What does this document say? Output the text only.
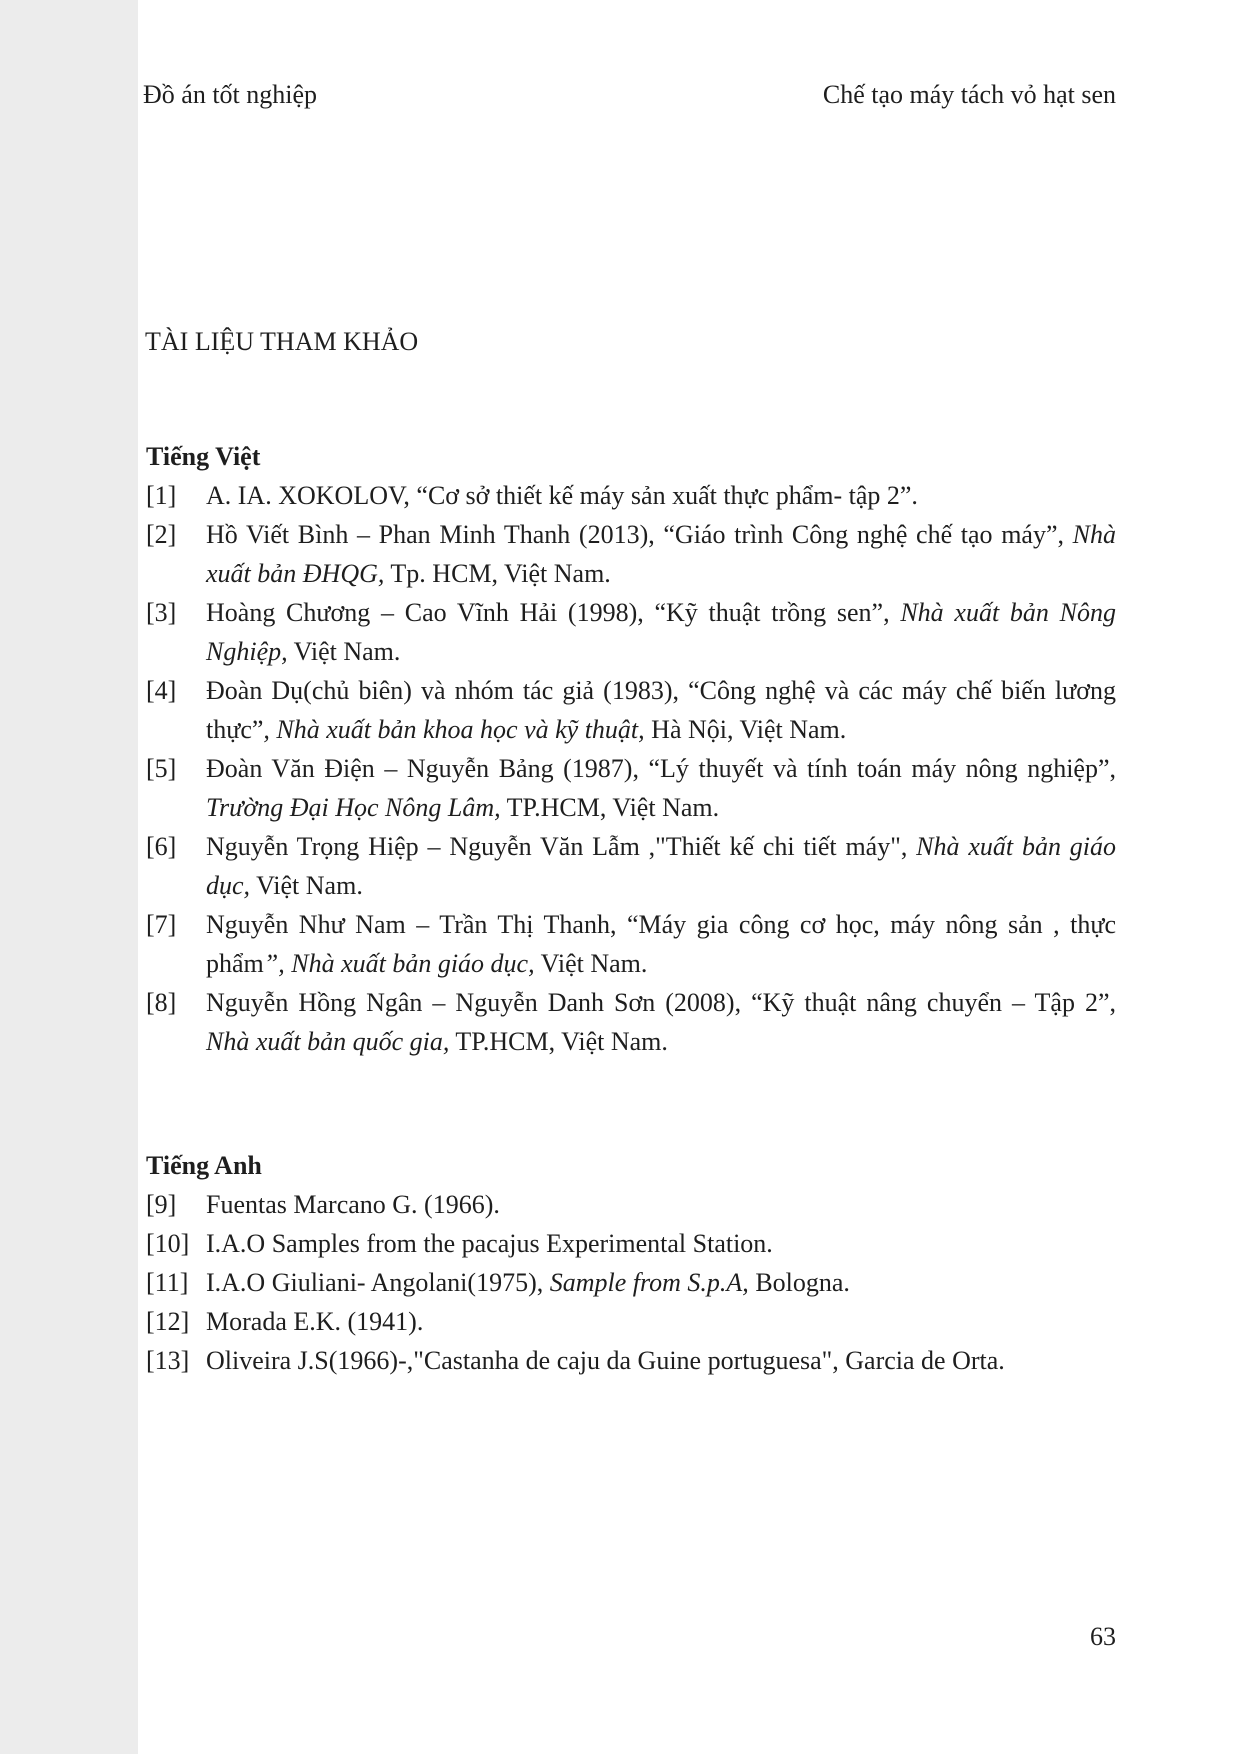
Đồ án tốt nghiệp	Chế tạo máy tách vỏ hạt sen
TÀI LIỆU THAM KHẢO
Tiếng Việt
[1] A. IA. XOKOLOV, “Cơ sở thiết kế máy sản xuất thực phẩm- tập 2”.
[2] Hồ Viết Bình – Phan Minh Thanh (2013), “Giáo trình Công nghệ chế tạo máy”, Nhà xuất bản ĐHQG, Tp. HCM, Việt Nam.
[3] Hoàng Chương – Cao Vĩnh Hải (1998), “Kỹ thuật trồng sen”, Nhà xuất bản Nông Nghiệp, Việt Nam.
[4] Đoàn Dụ(chủ biên) và nhóm tác giả (1983), “Công nghệ và các máy chế biến lương thực”, Nhà xuất bản khoa học và kỹ thuật, Hà Nội, Việt Nam.
[5] Đoàn Văn Điện – Nguyễn Bảng (1987), “Lý thuyết và tính toán máy nông nghiệp”, Trường Đại Học Nông Lâm, TP.HCM, Việt Nam.
[6] Nguyễn Trọng Hiệp – Nguyễn Văn Lẫm ,"Thiết kế chi tiết máy", Nhà xuất bản giáo dục, Việt Nam.
[7] Nguyễn Như Nam – Trần Thị Thanh, “Máy gia công cơ học, máy nông sản , thực phẩm”, Nhà xuất bản giáo dục, Việt Nam.
[8] Nguyễn Hồng Ngân – Nguyễn Danh Sơn (2008), “Kỹ thuật nâng chuyển – Tập 2”, Nhà xuất bản quốc gia, TP.HCM, Việt Nam.
Tiếng Anh
[9] Fuentas Marcano G. (1966).
[10] I.A.O Samples from the pacajus Experimental Station.
[11] I.A.O Giuliani- Angolani(1975), Sample from S.p.A, Bologna.
[12] Morada E.K. (1941).
[13] Oliveira J.S(1966)-,"Castanha de caju da Guine portuguesa", Garcia de Orta.
63
